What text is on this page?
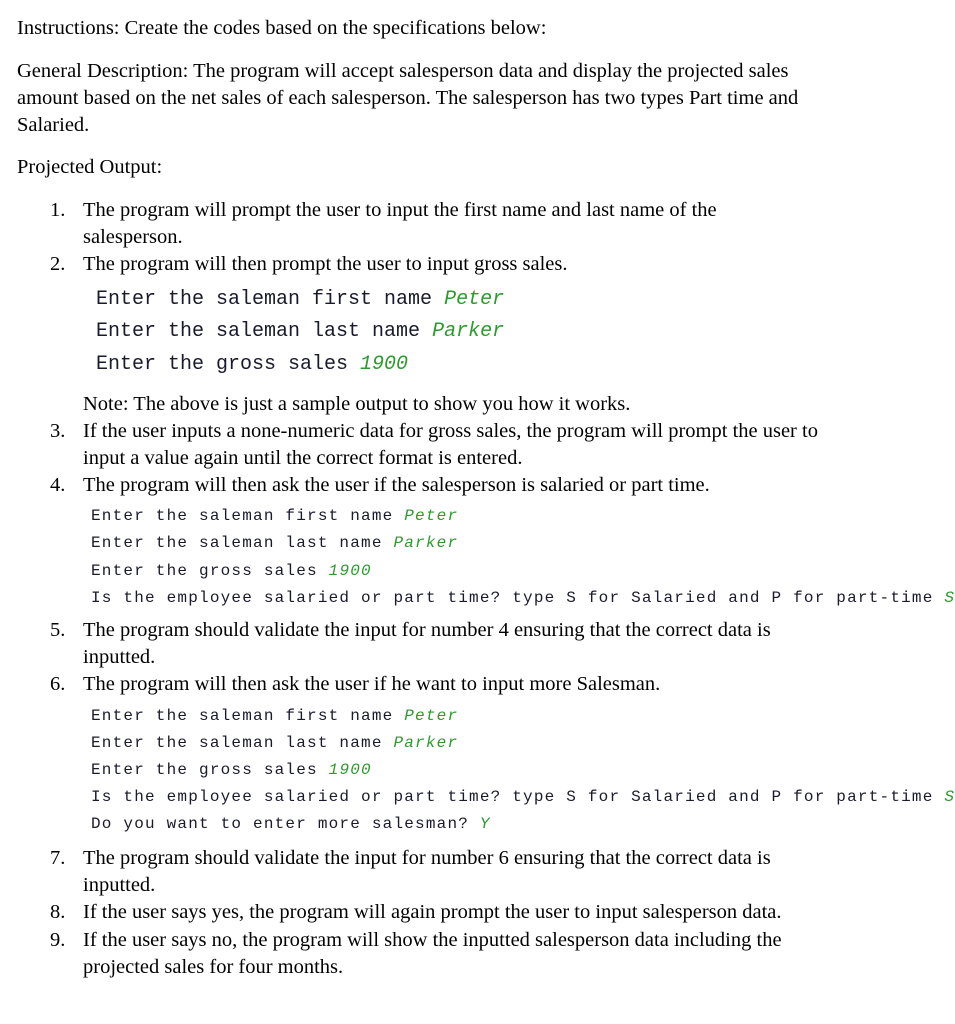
Instructions: Create the codes based on the specifications below:
General Description: The program will accept salesperson data and display the projected sales
amount based on the net sales of each salesperson. The salesperson has two types Part time and
Salaried.
Projected Output:
1. The program will prompt the user to input the first name and last name of the
salesperson.
2. The program will then prompt the user to input gross sales.
Enter the saleman first name Peter
Enter the saleman last name Parker
Enter the gross sales 1900
Note: The above is just a sample output to show you how it works.
3. If the user inputs a none-numeric data for gross sales, the program will prompt the user to
input a value again until the correct format is entered.
4. The program will then ask the user if the salesperson is salaried or part time.
Enter the saleman first name Peter
Enter the saleman last name Parker
Enter the gross sales 1900
Is the employee salaried or part time? type S for Salaried and P for part-time S
5. The program should validate the input for number 4 ensuring that the correct data is
inputted.
6. The program will then ask the user if he want to input more Salesman.
Enter the saleman first name Peter
Enter the saleman last name Parker
Enter the gross sales 1900
Is the employee salaried or part time? type S for Salaried and P for part-time S
Do you want to enter more salesman? Y
7. The program should validate the input for number 6 ensuring that the correct data is
inputted.
8. If the user says yes, the program will again prompt the user to input salesperson data.
9. If the user says no, the program will show the inputted salesperson data including the
projected sales for four months.
